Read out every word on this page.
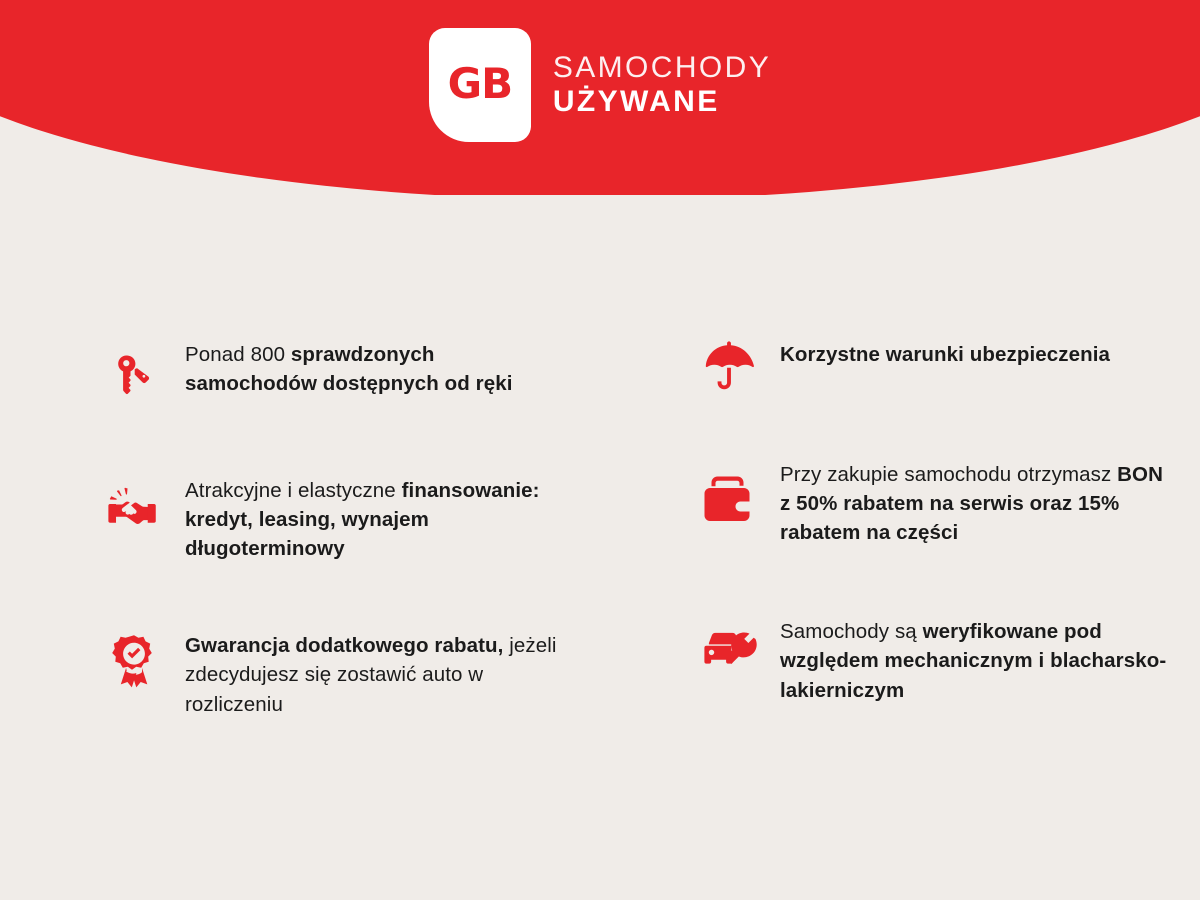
GB SAMOCHODY
UŻYWANE
Ponad 800 sprawdzonych samochodów dostępnych od ręki
Atrakcyjne i elastyczne finansowanie: kredyt, leasing, wynajem długoterminowy
Gwarancja dodatkowego rabatu, jeżeli zdecydujesz się zostawić auto w rozliczeniu
Korzystne warunki ubezpieczenia
Przy zakupie samochodu otrzymasz BON z 50% rabatem na serwis oraz 15% rabatem na części
Samochody są weryfikowane pod względem mechanicznym i blacharsko-lakierniczym
